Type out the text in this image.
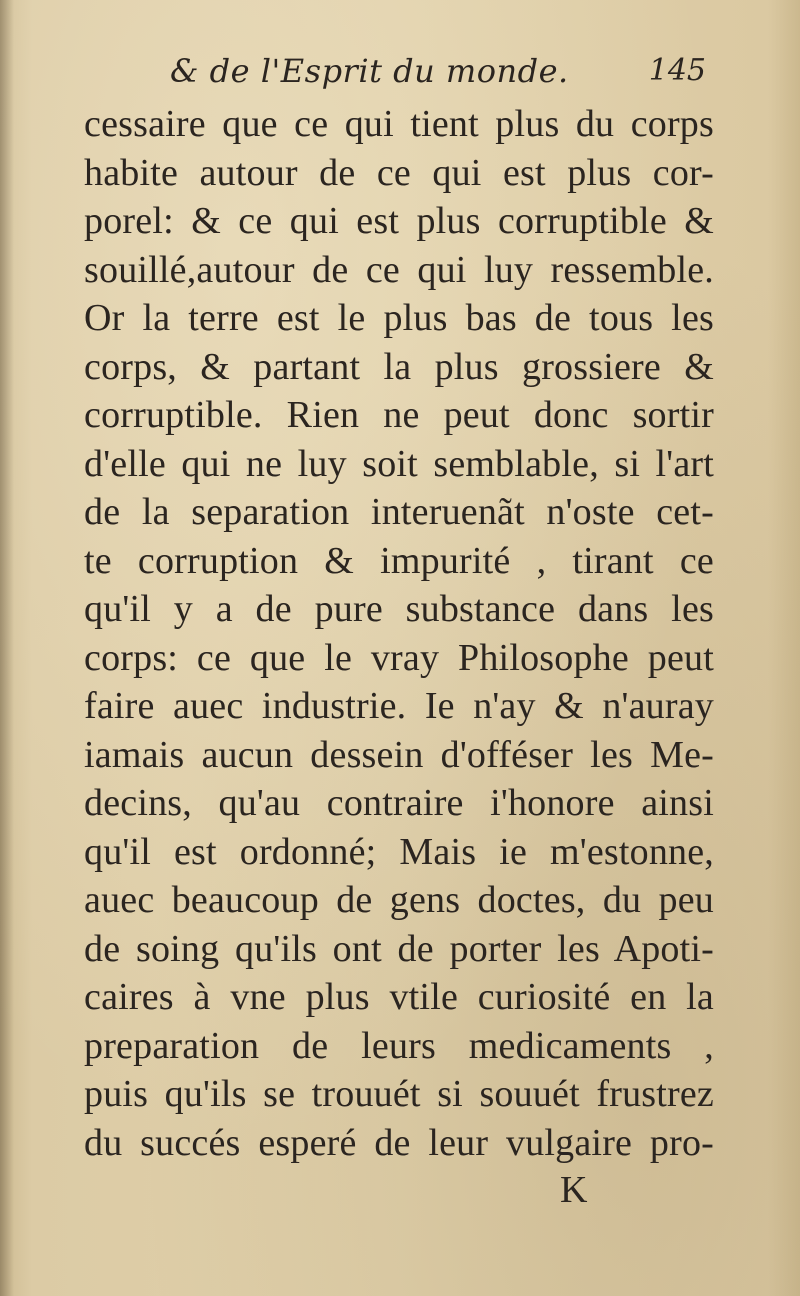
& de l'Esprit du monde.	145
cessaire que ce qui tient plus du corps
habite autour de ce qui est plus cor-
porel: & ce qui est plus corruptible &
souillé,autour de ce qui luy ressemble.
Or la terre est le plus bas de tous les
corps, & partant la plus grossiere &
corruptible. Rien ne peut donc sortir
d'elle qui ne luy soit semblable, si l'art
de la separation interuenãt n'oste cet-
te corruption & impurité , tirant ce
qu'il y a de pure substance dans les
corps: ce que le vray Philosophe peut
faire auec industrie. Ie n'ay & n'auray
iamais aucun dessein d'offéser les Me-
decins, qu'au contraire i'honore ainsi
qu'il est ordonné; Mais ie m'estonne,
auec beaucoup de gens doctes, du peu
de soing qu'ils ont de porter les Apoti-
caires à vne plus vtile curiosité en la
preparation de leurs medicaments ,
puis qu'ils se trouuét si souuét frustrez
du succés esperé de leur vulgaire pro-
K
